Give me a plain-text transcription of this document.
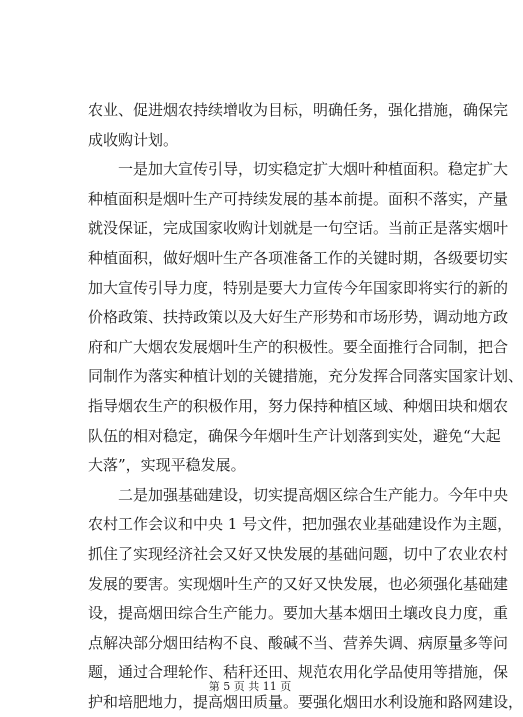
农业、促进烟农持续增收为目标，明确任务，强化措施，确保完
成收购计划。
一是加大宣传引导，切实稳定扩大烟叶种植面积。稳定扩大
种植面积是烟叶生产可持续发展的基本前提。面积不落实，产量
就没保证，完成国家收购计划就是一句空话。当前正是落实烟叶
种植面积，做好烟叶生产各项准备工作的关键时期，各级要切实
加大宣传引导力度，特别是要大力宣传今年国家即将实行的新的
价格政策、扶持政策以及大好生产形势和市场形势，调动地方政
府和广大烟农发展烟叶生产的积极性。要全面推行合同制，把合
同制作为落实种植计划的关键措施，充分发挥合同落实国家计划、
指导烟农生产的积极作用，努力保持种植区域、种烟田块和烟农
队伍的相对稳定，确保今年烟叶生产计划落到实处，避免“大起
大落”，实现平稳发展。
二是加强基础建设，切实提高烟区综合生产能力。今年中央
农村工作会议和中央 1 号文件，把加强农业基础建设作为主题，
抓住了实现经济社会又好又快发展的基础问题，切中了农业农村
发展的要害。实现烟叶生产的又好又快发展，也必须强化基础建
设，提高烟田综合生产能力。要加大基本烟田土壤改良力度，重
点解决部分烟田结构不良、酸碱不当、营养失调、病原量多等问
题，通过合理轮作、秸秆还田、规范农用化学品使用等措施，保
护和培肥地力，提高烟田质量。要强化烟田水利设施和路网建设，
第 5 页 共 11 页
